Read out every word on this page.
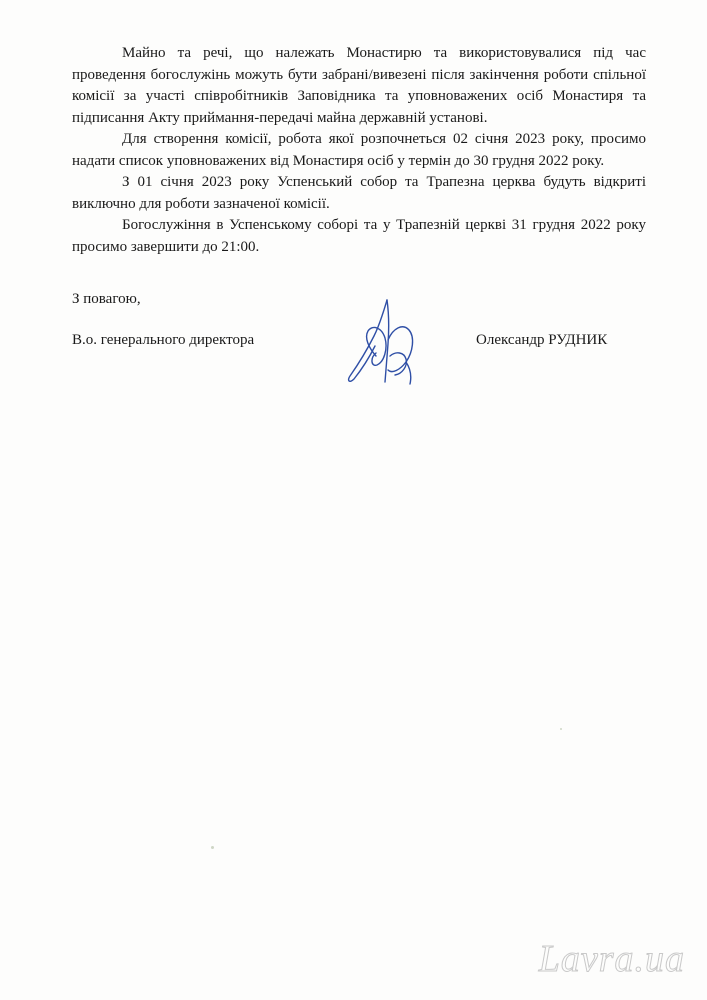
Майно та речі, що належать Монастирю та використовувалися під час проведення богослужінь можуть бути забрані/вивезені після закінчення роботи спільної комісії за участі співробітників Заповідника та уповноважених осіб Монастиря та підписання Акту приймання-передачі майна державній установі.

Для створення комісії, робота якої розпочнеться 02 січня 2023 року, просимо надати список уповноважених від Монастиря осіб у термін до 30 грудня 2022 року.

З 01 січня 2023 року Успенський собор та Трапезна церква будуть відкриті виключно для роботи зазначеної комісії.

Богослужіння в Успенському соборі та у Трапезній церкві 31 грудня 2022 року просимо завершити до 21:00.

З повагою,
В.о. генерального директора	Олександр РУДНИК
Lavra.ua
